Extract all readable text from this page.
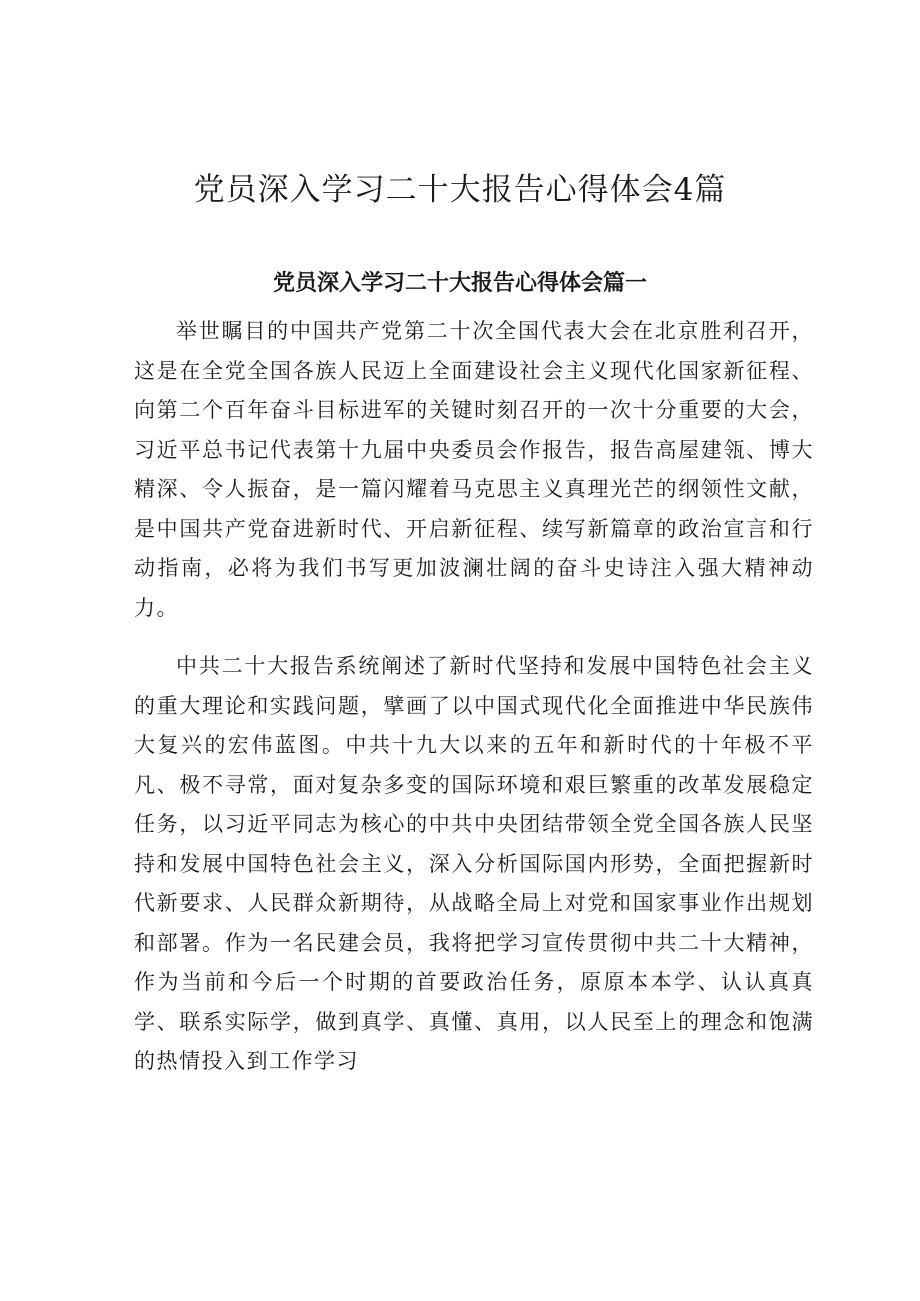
党员深入学习二十大报告心得体会4篇
党员深入学习二十大报告心得体会篇一

举世瞩目的中国共产党第二十次全国代表大会在北京胜利召开，这是在全党全国各族人民迈上全面建设社会主义现代化国家新征程、向第二个百年奋斗目标进军的关键时刻召开的一次十分重要的大会，习近平总书记代表第十九届中央委员会作报告，报告高屋建瓴、博大精深、令人振奋，是一篇闪耀着马克思主义真理光芒的纲领性文献，是中国共产党奋进新时代、开启新征程、续写新篇章的政治宣言和行动指南，必将为我们书写更加波澜壮阔的奋斗史诗注入强大精神动力。

中共二十大报告系统阐述了新时代坚持和发展中国特色社会主义的重大理论和实践问题，擘画了以中国式现代化全面推进中华民族伟大复兴的宏伟蓝图。中共十九大以来的五年和新时代的十年极不平凡、极不寻常，面对复杂多变的国际环境和艰巨繁重的改革发展稳定任务，以习近平同志为核心的中共中央团结带领全党全国各族人民坚持和发展中国特色社会主义，深入分析国际国内形势，全面把握新时代新要求、人民群众新期待，从战略全局上对党和国家事业作出规划和部署。作为一名民建会员，我将把学习宣传贯彻中共二十大精神，作为当前和今后一个时期的首要政治任务，原原本本学、认认真真学、联系实际学，做到真学、真懂、真用，以人民至上的理念和饱满的热情投入到工作学习
